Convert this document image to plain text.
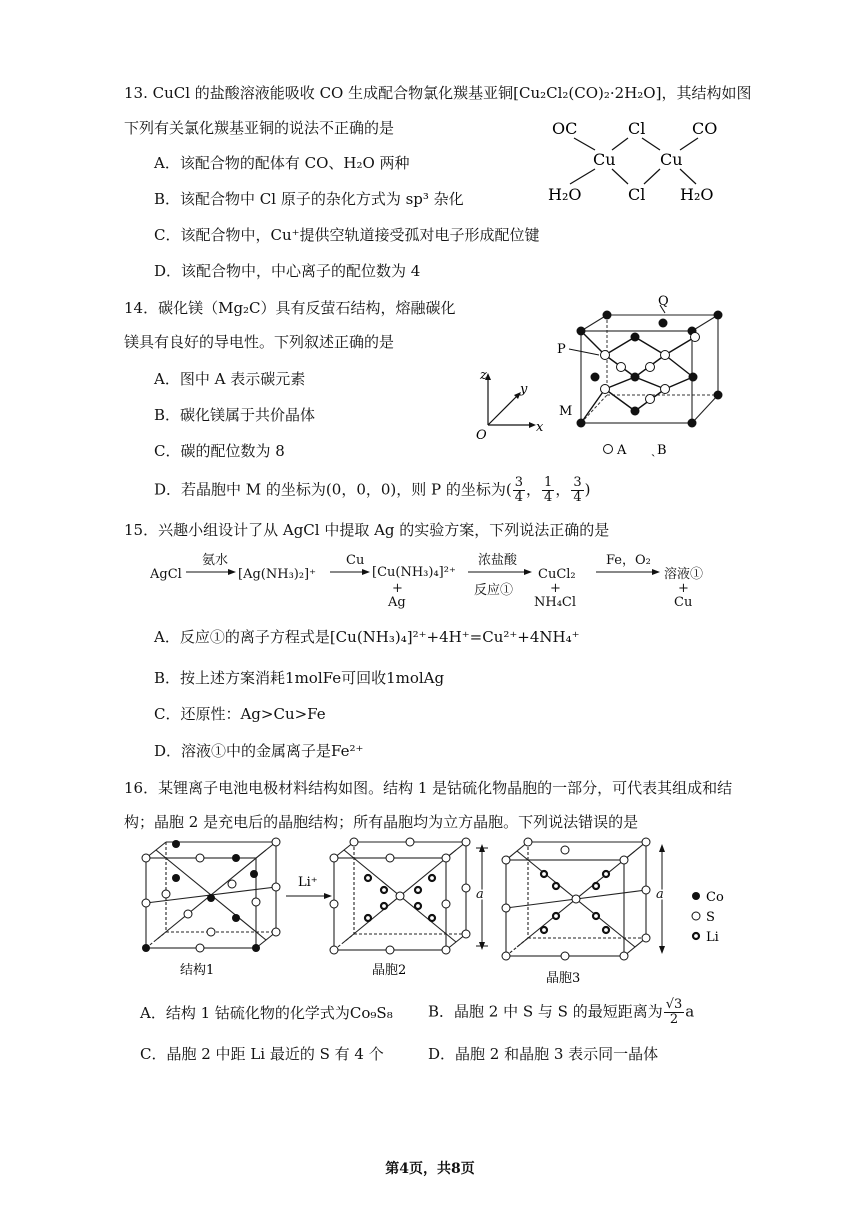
13. CuCl 的盐酸溶液能吸收 CO 生成配合物氯化羰基亚铜[Cu₂Cl₂(CO)₂·2H₂O]，其结构如图
下列有关氯化羰基亚铜的说法不正确的是
A．该配合物的配体有 CO、H₂O 两种
B．该配合物中 Cl 原子的杂化方式为 sp³ 杂化
C．该配合物中，Cu⁺提供空轨道接受孤对电子形成配位键
D．该配合物中，中心离子的配位数为 4
OC	Cl	CO
Cu	Cu
H₂O	Cl H₂O
14．碳化镁（Mg₂C）具有反萤石结构，熔融碳化
镁具有良好的导电性。下列叙述正确的是
A．图中 A 表示碳元素
B．碳化镁属于共价晶体
C．碳的配位数为 8
D．若晶胞中 M 的坐标为(0，0，0)，则 P 的坐标为( $\frac{3}{4}$ ， $\frac{1}{4}$ ， $\frac{3}{4}$ )
z
y
x
O
Q
P
M
A ˏ B
15．兴趣小组设计了从 AgCl 中提取 Ag 的实验方案，下列说法正确的是
AgCl
氨水
[Ag(NH₃)₂]⁺
Cu
[Cu(NH₃)₄]²⁺
+
Ag
浓盐酸
反应①
CuCl₂
+
NH₄Cl
Fe，O₂
溶液①
+
Cu
A．反应①的离子方程式是[Cu(NH₃)₄]²⁺+4H⁺=Cu²⁺+4NH₄⁺
B．按上述方案消耗1molFe可回收1molAg
C．还原性：Ag>Cu>Fe
D．溶液①中的金属离子是Fe²⁺
16．某锂离子电池电极材料结构如图。结构 1 是钴硫化物晶胞的一部分，可代表其组成和结
构；晶胞 2 是充电后的晶胞结构；所有晶胞均为立方晶胞。下列说法错误的是
结构1
Li⁺
a
晶胞2
a
晶胞3
Co
S
Li
A．结构 1 钴硫化物的化学式为Co₉S₈ B．晶胞 2 中 S 与 S 的最短距离为 $\frac{√3}{2}$ a
C．晶胞 2 中距 Li 最近的 S 有 4 个	D．晶胞 2 和晶胞 3 表示同一晶体
第4页，共8页
